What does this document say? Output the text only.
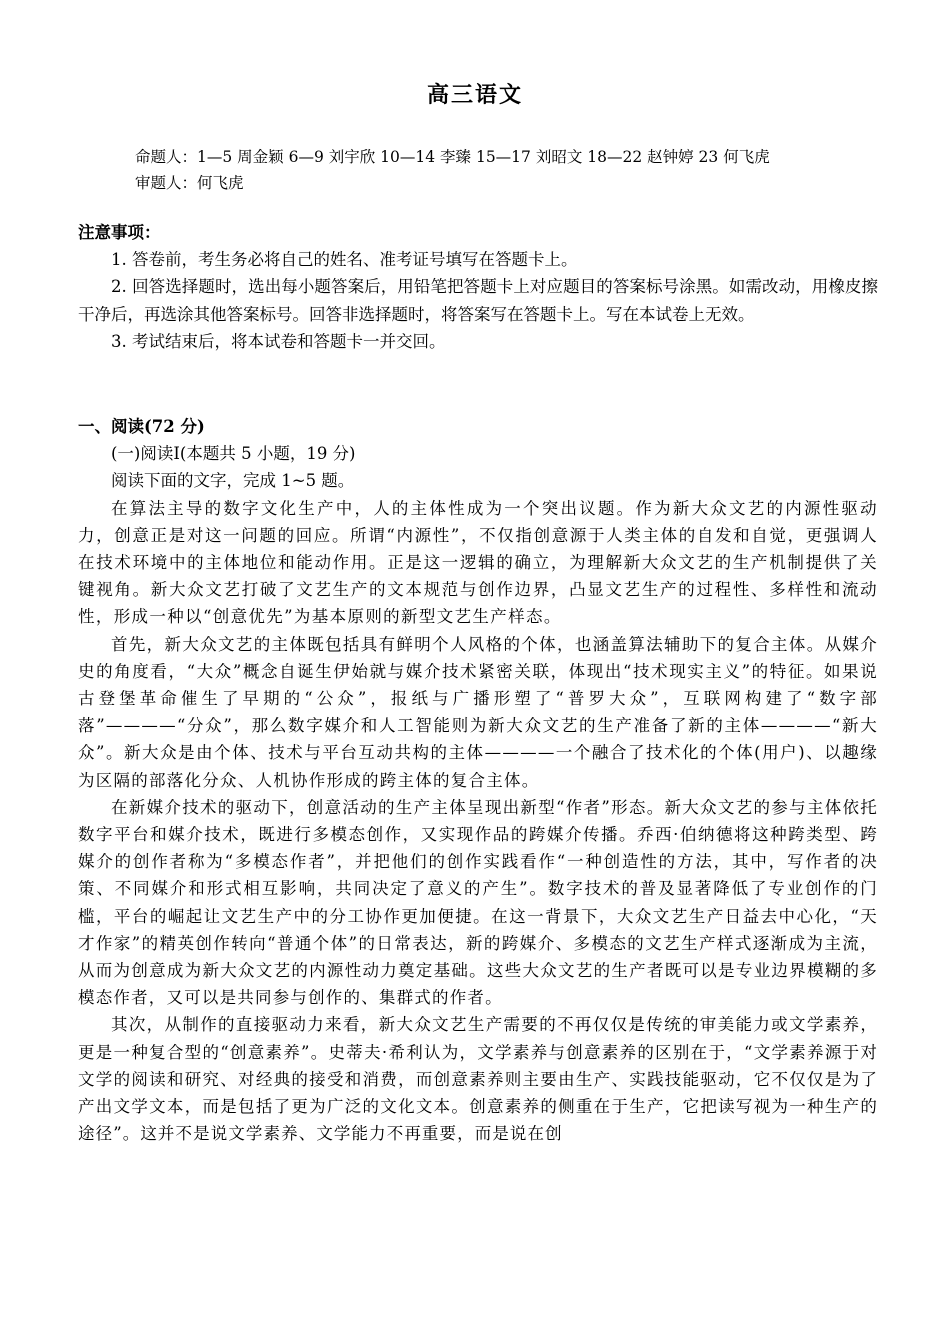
高三语文
命题人：1—5 周金颖 6—9 刘宇欣 10—14 李臻 15—17 刘昭文 18—22 赵钟婷 23 何飞虎
审题人：何飞虎

注意事项：

1. 答卷前，考生务必将自己的姓名、准考证号填写在答题卡上。

2. 回答选择题时，选出每小题答案后，用铅笔把答题卡上对应题目的答案标号涂黑。如需改动，用橡皮擦干净后，再选涂其他答案标号。回答非选择题时，将答案写在答题卡上。写在本试卷上无效。

3. 考试结束后，将本试卷和答题卡一并交回。

一、阅读(72 分)

(一)阅读Ⅰ(本题共 5 小题，19 分)

阅读下面的文字，完成 1~5 题。

在算法主导的数字文化生产中，人的主体性成为一个突出议题。作为新大众文艺的内源性驱动力，创意正是对这一问题的回应。所谓“内源性”，不仅指创意源于人类主体的自发和自觉，更强调人在技术环境中的主体地位和能动作用。正是这一逻辑的确立，为理解新大众文艺的生产机制提供了关键视角。新大众文艺打破了文艺生产的文本规范与创作边界，凸显文艺生产的过程性、多样性和流动性，形成一种以“创意优先”为基本原则的新型文艺生产样态。

首先，新大众文艺的主体既包括具有鲜明个人风格的个体，也涵盖算法辅助下的复合主体。从媒介史的角度看，“大众”概念自诞生伊始就与媒介技术紧密关联，体现出“技术现实主义”的特征。如果说古登堡革命催生了早期的“公众”，报纸与广播形塑了“普罗大众”，互联网构建了“数字部落”————“分众”，那么数字媒介和人工智能则为新大众文艺的生产准备了新的主体————“新大众”。新大众是由个体、技术与平台互动共构的主体————一个融合了技术化的个体(用户)、以趣缘为区隔的部落化分众、人机协作形成的跨主体的复合主体。

在新媒介技术的驱动下，创意活动的生产主体呈现出新型“作者”形态。新大众文艺的参与主体依托数字平台和媒介技术，既进行多模态创作，又实现作品的跨媒介传播。乔西·伯纳德将这种跨类型、跨媒介的创作者称为“多模态作者”，并把他们的创作实践看作“一种创造性的方法，其中，写作者的决策、不同媒介和形式相互影响，共同决定了意义的产生”。数字技术的普及显著降低了专业创作的门槛，平台的崛起让文艺生产中的分工协作更加便捷。在这一背景下，大众文艺生产日益去中心化，“天才作家”的精英创作转向“普通个体”的日常表达，新的跨媒介、多模态的文艺生产样式逐渐成为主流，从而为创意成为新大众文艺的内源性动力奠定基础。这些大众文艺的生产者既可以是专业边界模糊的多模态作者，又可以是共同参与创作的、集群式的作者。

其次，从制作的直接驱动力来看，新大众文艺生产需要的不再仅仅是传统的审美能力或文学素养，更是一种复合型的“创意素养”。史蒂夫·希利认为，文学素养与创意素养的区别在于，“文学素养源于对文学的阅读和研究、对经典的接受和消费，而创意素养则主要由生产、实践技能驱动，它不仅仅是为了产出文学文本，而是包括了更为广泛的文化文本。创意素养的侧重在于生产，它把读写视为一种生产的途径”。这并不是说文学素养、文学能力不再重要，而是说在创
